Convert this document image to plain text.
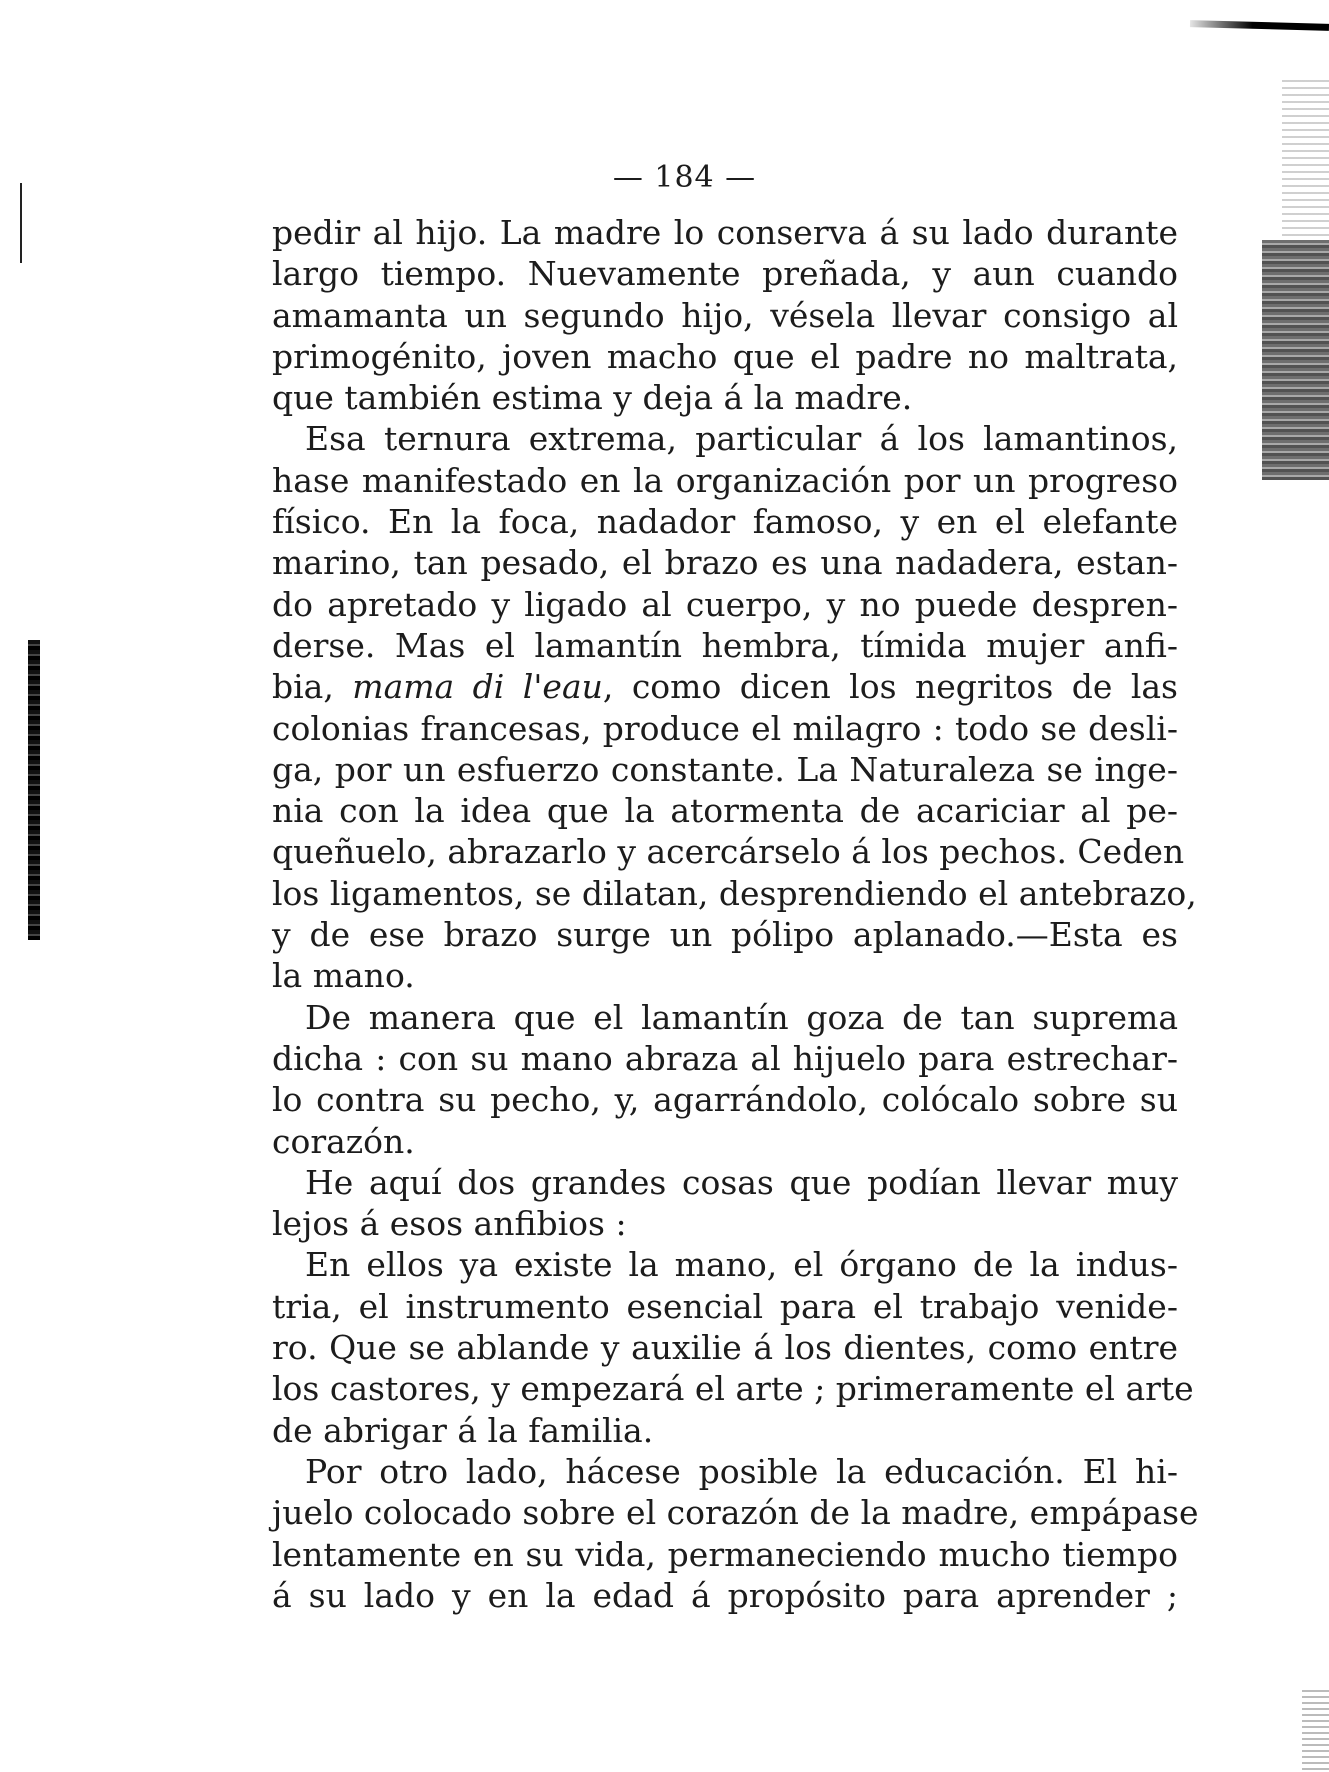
— 184 —
pedir al hijo. La madre lo conserva á su lado durante
largo tiempo. Nuevamente preñada, y aun cuando
amamanta un segundo hijo, vésela llevar consigo al
primogénito, joven macho que el padre no maltrata,
que también estima y deja á la madre.
Esa ternura extrema, particular á los lamantinos,
hase manifestado en la organización por un progreso
físico. En la foca, nadador famoso, y en el elefante
marino, tan pesado, el brazo es una nadadera, estan-
do apretado y ligado al cuerpo, y no puede despren-
derse. Mas el lamantín hembra, tímida mujer anfi-
bia, mama di l'eau, como dicen los negritos de las
colonias francesas, produce el milagro : todo se desli-
ga, por un esfuerzo constante. La Naturaleza se inge-
nia con la idea que la atormenta de acariciar al pe-
queñuelo, abrazarlo y acercárselo á los pechos. Ceden
los ligamentos, se dilatan, desprendiendo el antebrazo,
y de ese brazo surge un pólipo aplanado.—Esta es
la mano.
De manera que el lamantín goza de tan suprema
dicha : con su mano abraza al hijuelo para estrechar-
lo contra su pecho, y, agarrándolo, colócalo sobre su
corazón.
He aquí dos grandes cosas que podían llevar muy
lejos á esos anfibios :
En ellos ya existe la mano, el órgano de la indus-
tria, el instrumento esencial para el trabajo venide-
ro. Que se ablande y auxilie á los dientes, como entre
los castores, y empezará el arte ; primeramente el arte
de abrigar á la familia.
Por otro lado, hácese posible la educación. El hi-
juelo colocado sobre el corazón de la madre, empápase
lentamente en su vida, permaneciendo mucho tiempo
á su lado y en la edad á propósito para aprender ;
